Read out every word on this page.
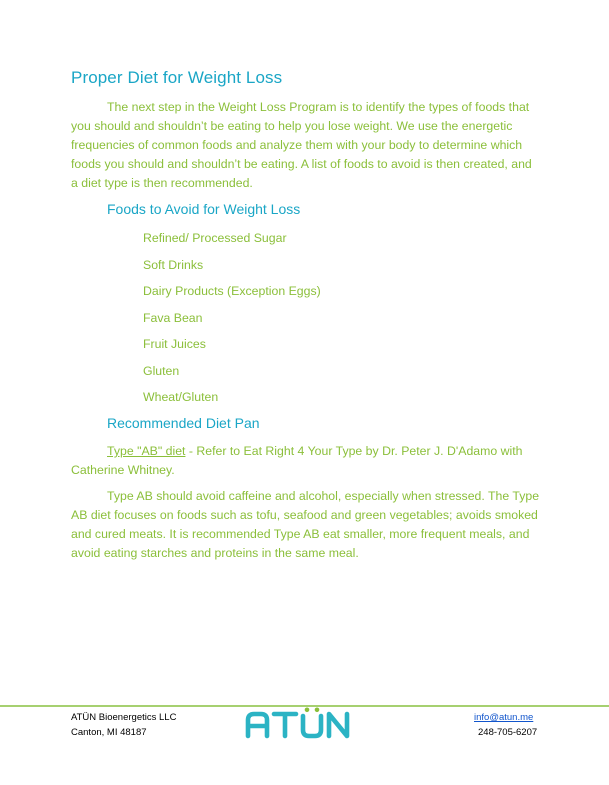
Proper Diet for Weight Loss

The next step in the Weight Loss Program is to identify the types of foods that you should and shouldn’t be eating to help you lose weight. We use the energetic frequencies of common foods and analyze them with your body to determine which foods you should and shouldn’t be eating. A list of foods to avoid is then created, and a diet type is then recommended.

Foods to Avoid for Weight Loss
Refined/ Processed Sugar
Soft Drinks
Dairy Products (Exception Eggs)
Fava Bean
Fruit Juices
Gluten
Wheat/Gluten
Recommended Diet Pan

Type "AB" diet - Refer to Eat Right 4 Your Type by Dr. Peter J. D'Adamo with Catherine Whitney.

Type AB should avoid caffeine and alcohol, especially when stressed. The Type AB diet focuses on foods such as tofu, seafood and green vegetables; avoids smoked and cured meats. It is recommended Type AB eat smaller, more frequent meals, and avoid eating starches and proteins in the same meal.

ATÜN Bioenergetics LLC
Canton, MI 48187
info@atun.me
248-705-6207
